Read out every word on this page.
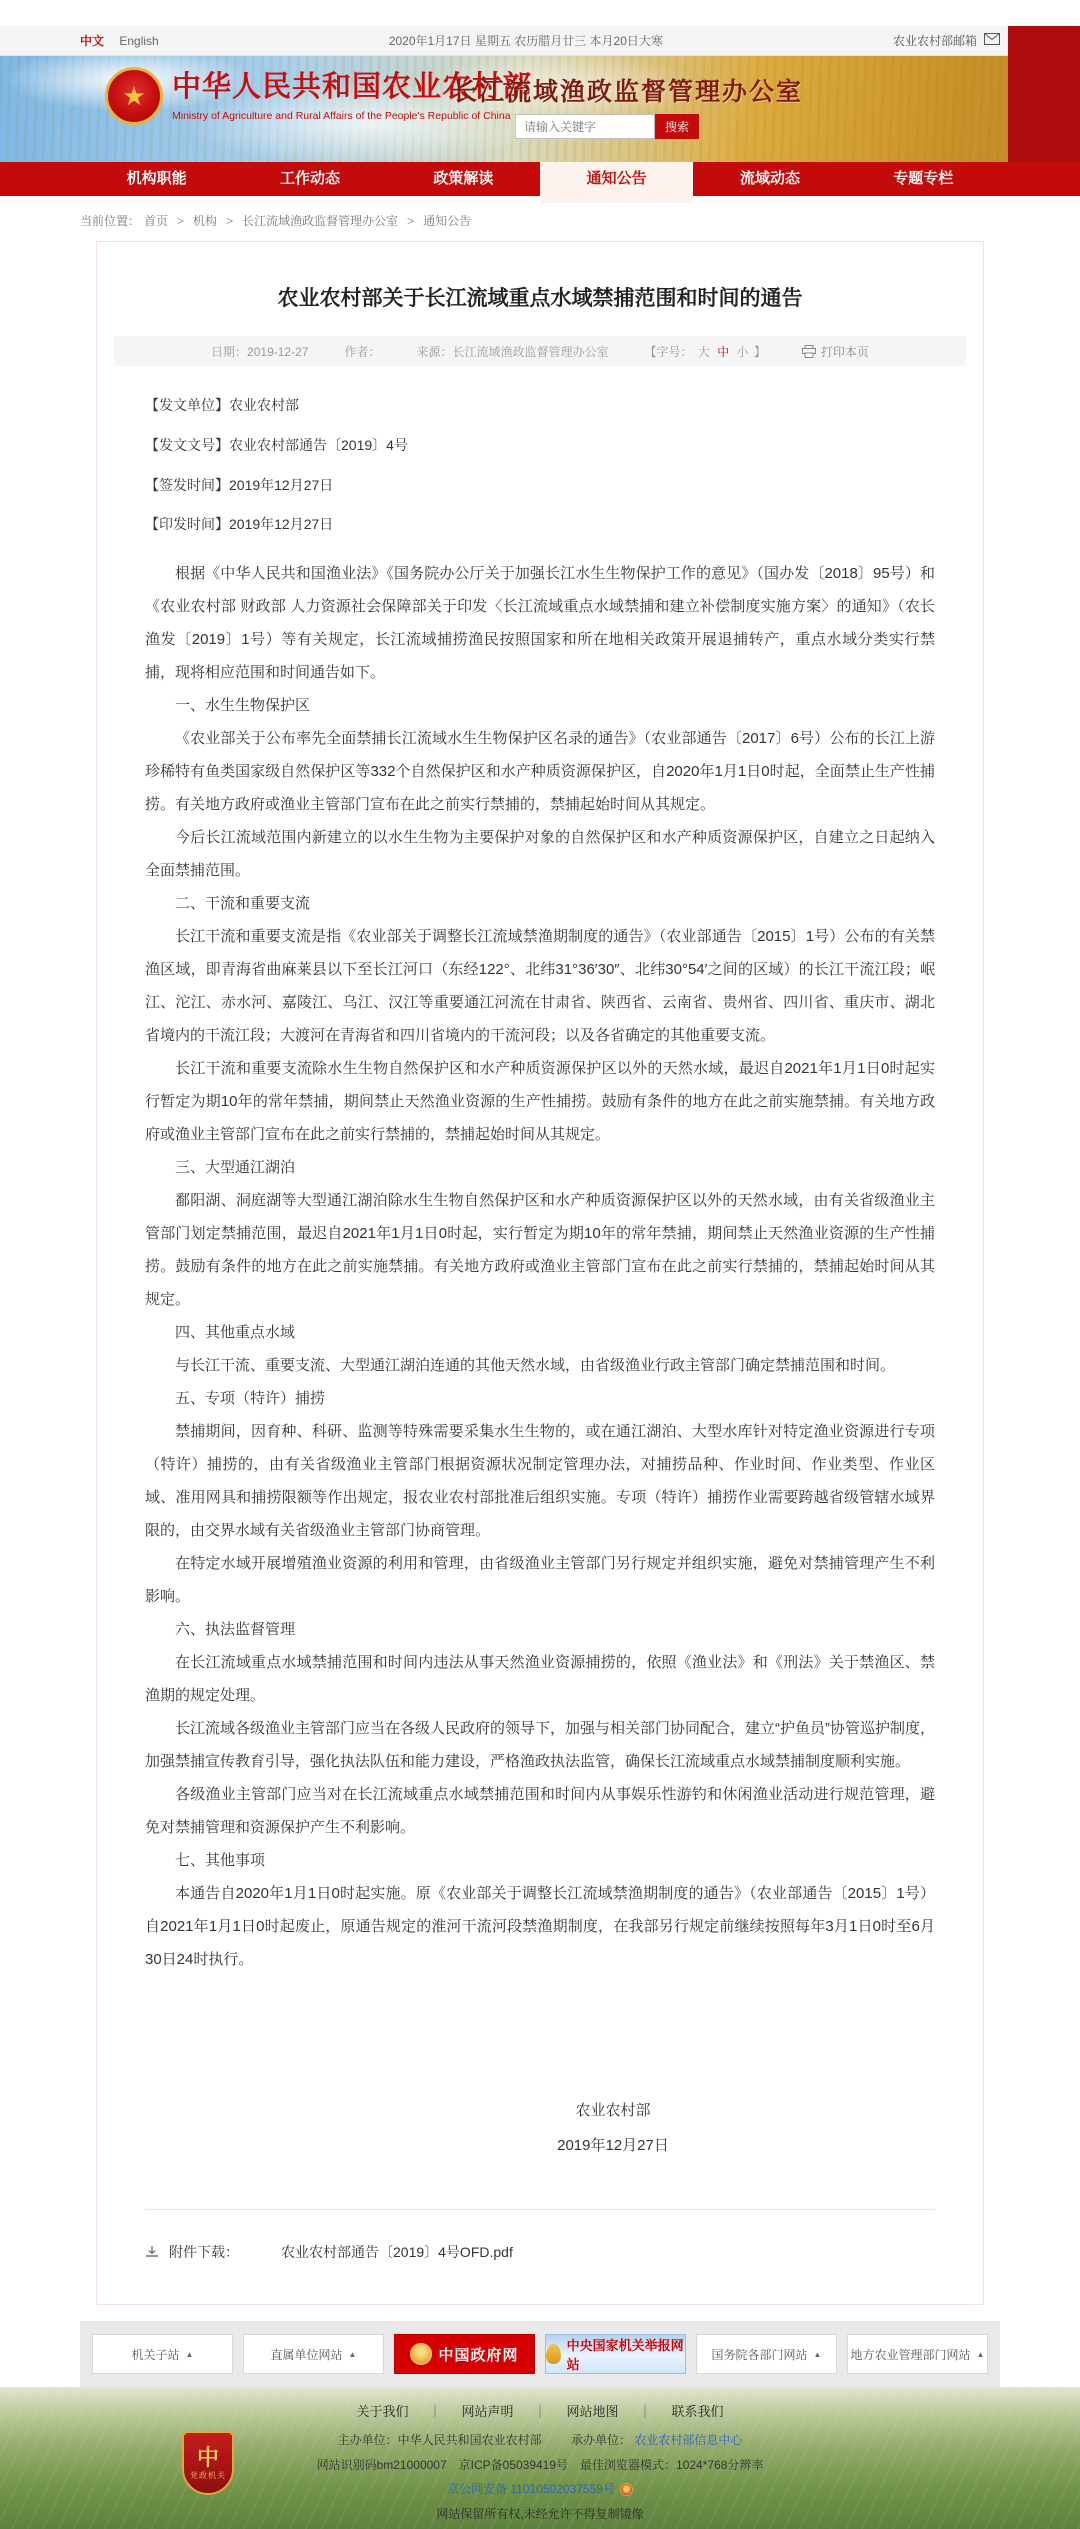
中文 English	2020年1月17日 星期五 农历腊月廿三 本月20日大寒	农业农村部邮箱
★ 中华人民共和国农业农村部
Ministry of Agriculture and Rural Affairs of the People's Republic of China
长江流域渔政监督管理办公室
请输入关键字
搜索
机构职能	工作动态	政策解读	通知公告	流域动态	专题专栏
当前位置： 首页 > 机构 > 长江流域渔政监督管理办公室 > 通知公告
农业农村部关于长江流域重点水域禁捕范围和时间的通告
日期：2019-12-27	作者：	来源：长江流域渔政监督管理办公室	【字号： 大 中 小 】	打印本页

【发文单位】农业农村部

【发文文号】农业农村部通告〔2019〕4号

【签发时间】2019年12月27日

【印发时间】2019年12月27日

根据《中华人民共和国渔业法》《国务院办公厅关于加强长江水生生物保护工作的意见》（国办发〔2018〕95号）和《农业农村部 财政部 人力资源社会保障部关于印发〈长江流域重点水域禁捕和建立补偿制度实施方案〉的通知》（农长渔发〔2019〕1号）等有关规定，长江流域捕捞渔民按照国家和所在地相关政策开展退捕转产，重点水域分类实行禁捕，现将相应范围和时间通告如下。

一、水生生物保护区

《农业部关于公布率先全面禁捕长江流域水生生物保护区名录的通告》（农业部通告〔2017〕6号）公布的长江上游珍稀特有鱼类国家级自然保护区等332个自然保护区和水产种质资源保护区，自2020年1月1日0时起，全面禁止生产性捕捞。有关地方政府或渔业主管部门宣布在此之前实行禁捕的，禁捕起始时间从其规定。

今后长江流域范围内新建立的以水生生物为主要保护对象的自然保护区和水产种质资源保护区，自建立之日起纳入全面禁捕范围。

二、干流和重要支流

长江干流和重要支流是指《农业部关于调整长江流域禁渔期制度的通告》（农业部通告〔2015〕1号）公布的有关禁渔区域，即青海省曲麻莱县以下至长江河口（东经122°、北纬31°36′30″、北纬30°54′之间的区域）的长江干流江段；岷江、沱江、赤水河、嘉陵江、乌江、汉江等重要通江河流在甘肃省、陕西省、云南省、贵州省、四川省、重庆市、湖北省境内的干流江段；大渡河在青海省和四川省境内的干流河段；以及各省确定的其他重要支流。

长江干流和重要支流除水生生物自然保护区和水产种质资源保护区以外的天然水域，最迟自2021年1月1日0时起实行暂定为期10年的常年禁捕，期间禁止天然渔业资源的生产性捕捞。鼓励有条件的地方在此之前实施禁捕。有关地方政府或渔业主管部门宣布在此之前实行禁捕的，禁捕起始时间从其规定。

三、大型通江湖泊

鄱阳湖、洞庭湖等大型通江湖泊除水生生物自然保护区和水产种质资源保护区以外的天然水域，由有关省级渔业主管部门划定禁捕范围，最迟自2021年1月1日0时起，实行暂定为期10年的常年禁捕，期间禁止天然渔业资源的生产性捕捞。鼓励有条件的地方在此之前实施禁捕。有关地方政府或渔业主管部门宣布在此之前实行禁捕的，禁捕起始时间从其规定。

四、其他重点水域

与长江干流、重要支流、大型通江湖泊连通的其他天然水域，由省级渔业行政主管部门确定禁捕范围和时间。

五、专项（特许）捕捞

禁捕期间，因育种、科研、监测等特殊需要采集水生生物的，或在通江湖泊、大型水库针对特定渔业资源进行专项（特许）捕捞的，由有关省级渔业主管部门根据资源状况制定管理办法，对捕捞品种、作业时间、作业类型、作业区域、准用网具和捕捞限额等作出规定，报农业农村部批准后组织实施。专项（特许）捕捞作业需要跨越省级管辖水域界限的，由交界水域有关省级渔业主管部门协商管理。

在特定水域开展增殖渔业资源的利用和管理，由省级渔业主管部门另行规定并组织实施，避免对禁捕管理产生不利影响。

六、执法监督管理

在长江流域重点水域禁捕范围和时间内违法从事天然渔业资源捕捞的，依照《渔业法》和《刑法》关于禁渔区、禁渔期的规定处理。

长江流域各级渔业主管部门应当在各级人民政府的领导下，加强与相关部门协同配合，建立“护鱼员”协管巡护制度，加强禁捕宣传教育引导，强化执法队伍和能力建设，严格渔政执法监管，确保长江流域重点水域禁捕制度顺利实施。

各级渔业主管部门应当对在长江流域重点水域禁捕范围和时间内从事娱乐性游钓和休闲渔业活动进行规范管理，避免对禁捕管理和资源保护产生不利影响。

七、其他事项

本通告自2020年1月1日0时起实施。原《农业部关于调整长江流域禁渔期制度的通告》（农业部通告〔2015〕1号）自2021年1月1日0时起废止，原通告规定的淮河干流河段禁渔期制度，在我部另行规定前继续按照每年3月1日0时至6月30日24时执行。

农业农村部
2019年12月27日
附件下载：	农业农村部通告〔2019〕4号OFD.pdf
机关子站 ▲	直属单位网站 ▲	中国政府网
中央国家机关举报网站
国务院各部门网站 ▲ 地方农业管理部门网站 ▲
关于我们	｜	网站声明	｜	网站地图	｜	联系我们
中
党政机关
主办单位：中华人民共和国农业农村部 承办单位： 农业农村部信息中心
网站识别码bm21000007　京ICP备05039419号　最佳浏览器模式：1024*768分辨率
京公网安备 11010502037559号
网站保留所有权,未经允许不得复制镜像
